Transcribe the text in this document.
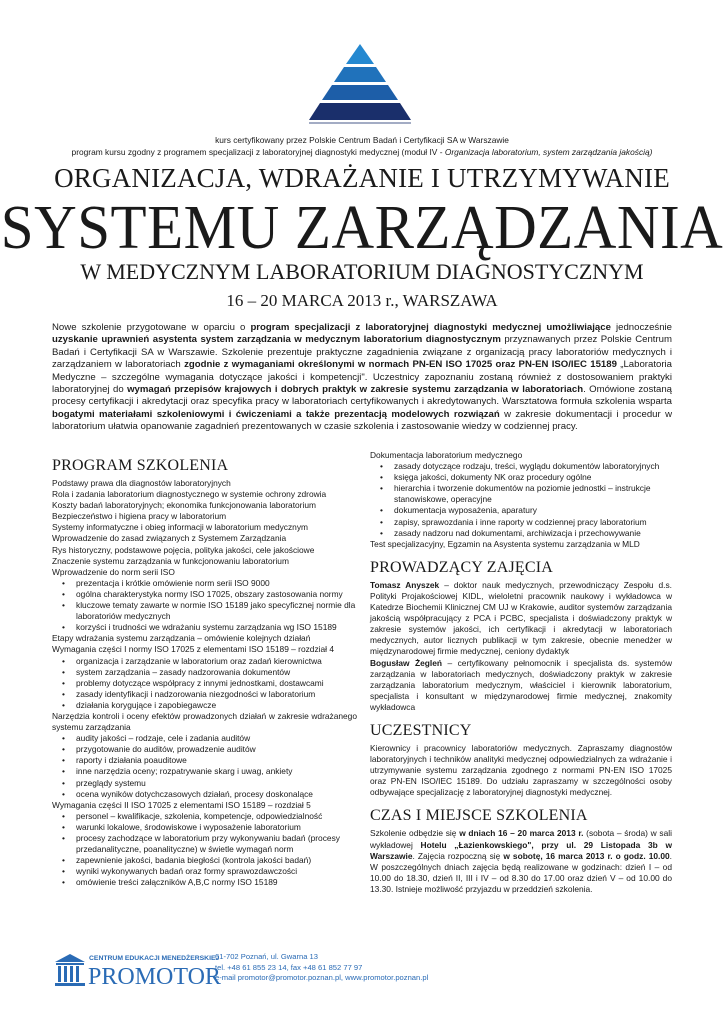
kurs certyfikowany przez Polskie Centrum Badań i Certyfikacji SA w Warszawie
program kursu zgodny z programem specjalizacji z laboratoryjnej diagnostyki medycznej (moduł IV - Organizacja laboratorium, system zarządzania jakością)
ORGANIZACJA, WDRAŻANIE I UTRZYMYWANIE
SYSTEMU ZARZĄDZANIA
W MEDYCZNYM LABORATORIUM DIAGNOSTYCZNYM
16 – 20 MARCA 2013 r., WARSZAWA
Nowe szkolenie przygotowane w oparciu o program specjalizacji z laboratoryjnej diagnostyki medycznej umożliwiające jednocześnie uzyskanie uprawnień asystenta system zarządzania w medycznym laboratorium diagnostycznym przyznawanych przez Polskie Centrum Badań i Certyfikacji SA w Warszawie. Szkolenie prezentuje praktyczne zagadnienia związane z organizacją pracy laboratoriów medycznych i zarządzaniem w laboratoriach zgodnie z wymaganiami określonymi w normach PN-EN ISO 17025 oraz PN-EN ISO/IEC 15189 „Laboratoria Medyczne – szczególne wymagania dotyczące jakości i kompetencji". Uczestnicy zapoznaniu zostaną również z dostosowaniem praktyki laboratoryjnej do wymagań przepisów krajowych i dobrych praktyk w zakresie systemu zarządzania w laboratoriach. Omówione zostaną procesy certyfikacji i akredytacji oraz specyfika pracy w laboratoriach certyfikowanych i akredytowanych. Warsztatowa formuła szkolenia wsparta bogatymi materiałami szkoleniowymi i ćwiczeniami a także prezentacją modelowych rozwiązań w zakresie dokumentacji i procedur w laboratorium ułatwia opanowanie zagadnień prezentowanych w czasie szkolenia i zastosowanie wiedzy w codziennej pracy.
PROGRAM SZKOLENIA
Podstawy prawa dla diagnostów laboratoryjnych
Rola i zadania laboratorium diagnostycznego w systemie ochrony zdrowia
Koszty badań laboratoryjnych; ekonomika funkcjonowania laboratorium
Bezpieczeństwo i higiena pracy w laboratorium
Systemy informatyczne i obieg informacji w laboratorium medycznym
Wprowadzenie do zasad związanych z Systemem Zarządzania
Rys historyczny, podstawowe pojęcia, polityka jakości, cele jakościowe
Znaczenie systemu zarządzania w funkcjonowaniu laboratorium
Wprowadzenie do norm serii ISO
• prezentacja i krótkie omówienie norm serii ISO 9000
• ogólna charakterystyka normy ISO 17025, obszary zastosowania normy
• kluczowe tematy zawarte w normie ISO 15189 jako specyficznej normie dla laboratoriów medycznych
• korzyści i trudności we wdrażaniu systemu zarządzania wg ISO 15189
Etapy wdrażania systemu zarządzania – omówienie kolejnych działań
Wymagania części I normy ISO 17025 z elementami ISO 15189 – rozdział 4
• organizacja i zarządzanie w laboratorium oraz zadań kierownictwa
• system zarządzania – zasady nadzorowania dokumentów
• problemy dotyczące współpracy z innymi jednostkami, dostawcami
• zasady identyfikacji i nadzorowania niezgodności w laboratorium
• działania korygujące i zapobiegawcze
Narzędzia kontroli i oceny efektów prowadzonych działań w zakresie wdrażanego systemu zarządzania
• audity jakości – rodzaje, cele i zadania auditów
• przygotowanie do auditów, prowadzenie auditów
• raporty i działania poauditowe
• inne narzędzia oceny; rozpatrywanie skarg i uwag, ankiety
• przeglądy systemu
• ocena wyników dotychczasowych działań, procesy doskonalące
Wymagania części II ISO 17025 z elementami ISO 15189 – rozdział 5
• personel – kwalifikacje, szkolenia, kompetencje, odpowiedzialność
• warunki lokalowe, środowiskowe i wyposażenie laboratorium
• procesy zachodzące w laboratorium przy wykonywaniu badań (procesy przedanalityczne, poanalityczne) w świetle wymagań norm
• zapewnienie jakości, badania biegłości (kontrola jakości badań)
• wyniki wykonywanych badań oraz formy sprawozdawczości
• omówienie treści załączników A,B,C normy ISO 15189
Dokumentacja laboratorium medycznego
• zasady dotyczące rodzaju, treści, wyglądu dokumentów laboratoryjnych
• księga jakości, dokumenty NK oraz procedury ogólne
• hierarchia i tworzenie dokumentów na poziomie jednostki – instrukcje stanowiskowe, operacyjne
• dokumentacja wyposażenia, aparatury
• zapisy, sprawozdania i inne raporty w codziennej pracy laboratorium
• zasady nadzoru nad dokumentami, archiwizacja i przechowywanie
Test specjalizacyjny, Egzamin na Asystenta systemu zarządzania w MLD
PROWADZĄCY ZAJĘCIA
Tomasz Anyszek – doktor nauk medycznych, przewodniczący Zespołu d.s. Polityki Projakościowej KIDL, wieloletni pracownik naukowy i wykładowca w Katedrze Biochemii Klinicznej CM UJ w Krakowie, auditor systemów zarządzania jakością współpracujący z PCA i PCBC, specjalista i doświadczony praktyk w zakresie systemów jakości, ich certyfikacji i akredytacji w laboratoriach medycznych, autor licznych publikacji w tym zakresie, obecnie menedżer w międzynarodowej firmie medycznej, ceniony dydaktyk
Bogusław Żegleń – certyfikowany pełnomocnik i specjalista ds. systemów zarządzania w laboratoriach medycznych, doświadczony praktyk w zakresie zarządzania laboratorium medycznym, właściciel i kierownik laboratorium, specjalista i konsultant w międzynarodowej firmie medycznej, znakomity wykładowca
UCZESTNICY
Kierownicy i pracownicy laboratoriów medycznych. Zapraszamy diagnostów laboratoryjnych i techników analityki medycznej odpowiedzialnych za wdrażanie i utrzymywanie systemu zarządzania zgodnego z normami PN-EN ISO 17025 oraz PN-EN ISO/IEC 15189. Do udziału zapraszamy w szczególności osoby odbywające specjalizację z laboratoryjnej diagnostyki medycznej.
CZAS I MIEJSCE SZKOLENIA
Szkolenie odbędzie się w dniach 16 – 20 marca 2013 r. (sobota – środa) w sali wykładowej Hotelu „Łazienkowskiego", przy ul. 29 Listopada 3b w Warszawie. Zajęcia rozpoczną się w sobotę, 16 marca 2013 r. o godz. 10.00. W poszczególnych dniach zajęcia będą realizowane w godzinach: dzień I – od 10.00 do 18.30, dzień II, III i IV – od 8.30 do 17.00 oraz dzień V – od 10.00 do 13.30. Istnieje możliwość przyjazdu w przeddzień szkolenia.
CENTRUM EDUKACJI MENEDŻERSKIEJ
PROMOTOR
61-702 Poznań, ul. Gwarna 13
tel. +48 61 855 23 14, fax +48 61 852 77 97
e-mail promotor@promotor.poznan.pl, www.promotor.poznan.pl
